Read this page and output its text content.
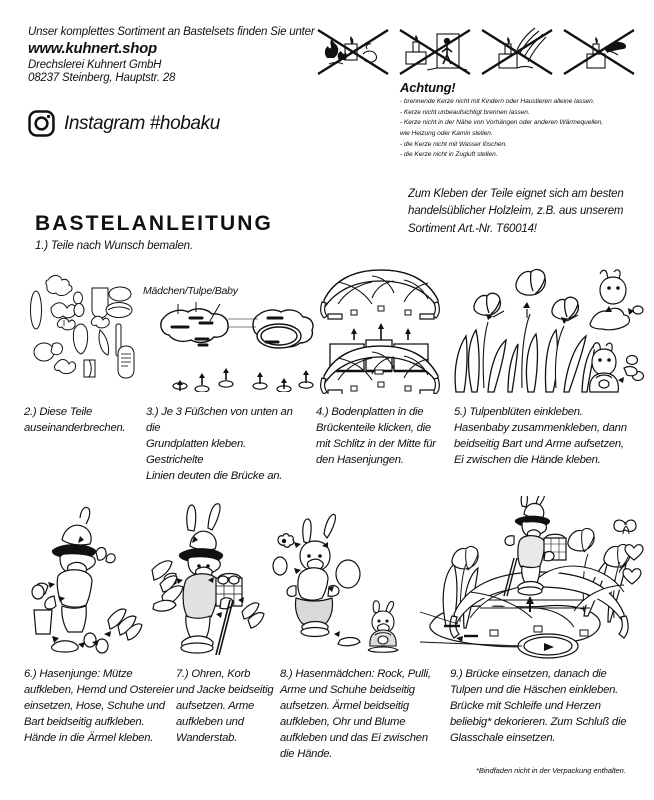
Unser komplettes Sortiment an Bastelsets finden Sie unter
www.kuhnert.shop
Drechslerei Kuhnert GmbH
08237 Steinberg, Hauptstr. 28
Instagram #hobaku
Achtung!
- brennende Kerze nicht mit Kindern oder Haustieren alleine lassen.
- Kerze nicht unbeaufsichtigt brennen lassen.
- Kerze nicht in der Nähe von Vorhängen oder anderen Wärmequellen,
wie Heizung oder Kamin stellen.
- die Kerze nicht mit Wasser löschen.
- die Kerze nicht in Zugluft stellen.

Zum Kleben der Teile eignet sich am besten

handelsüblicher Holzleim, z.B. aus unserem

Sortiment Art.-Nr. T60014!

BASTELANLEITUNG
1.) Teile nach Wunsch bemalen.
Mädchen/Tulpe/Baby
2.) Diese Teile
auseinanderbrechen.
3.) Je 3 Füßchen von unten an die
Grundplatten kleben. Gestrichelte
Linien deuten die Brücke an.
4.) Bodenplatten in die
Brückenteile klicken, die
mit Schlitz in der Mitte für
den Hasenjungen.
5.) Tulpenblüten einkleben.
Hasenbaby zusammenkleben, dann
beidseitig Bart und Arme aufsetzen,
Ei zwischen die Hände kleben.
6.) Hasenjunge: Mütze
aufkleben, Hemd und Ostereier
einsetzen, Hose, Schuhe und
Bart beidseitig aufkleben.
Hände in die Ärmel kleben.
7.) Ohren, Korb
und Jacke beidseitig
aufsetzen. Arme
aufkleben und
Wanderstab.
8.) Hasenmädchen: Rock, Pulli,
Arme und Schuhe beidseitig
aufsetzen. Ärmel beidseitig
aufkleben, Ohr und Blume
aufkleben und das Ei zwischen
die Hände.
9.) Brücke einsetzen, danach die
Tulpen und die Häschen einkleben.
Brücke mit Schleife und Herzen
beliebig* dekorieren. Zum Schluß die
Glasschale einsetzen.
*Bindfaden nicht in der Verpackung enthalten.
